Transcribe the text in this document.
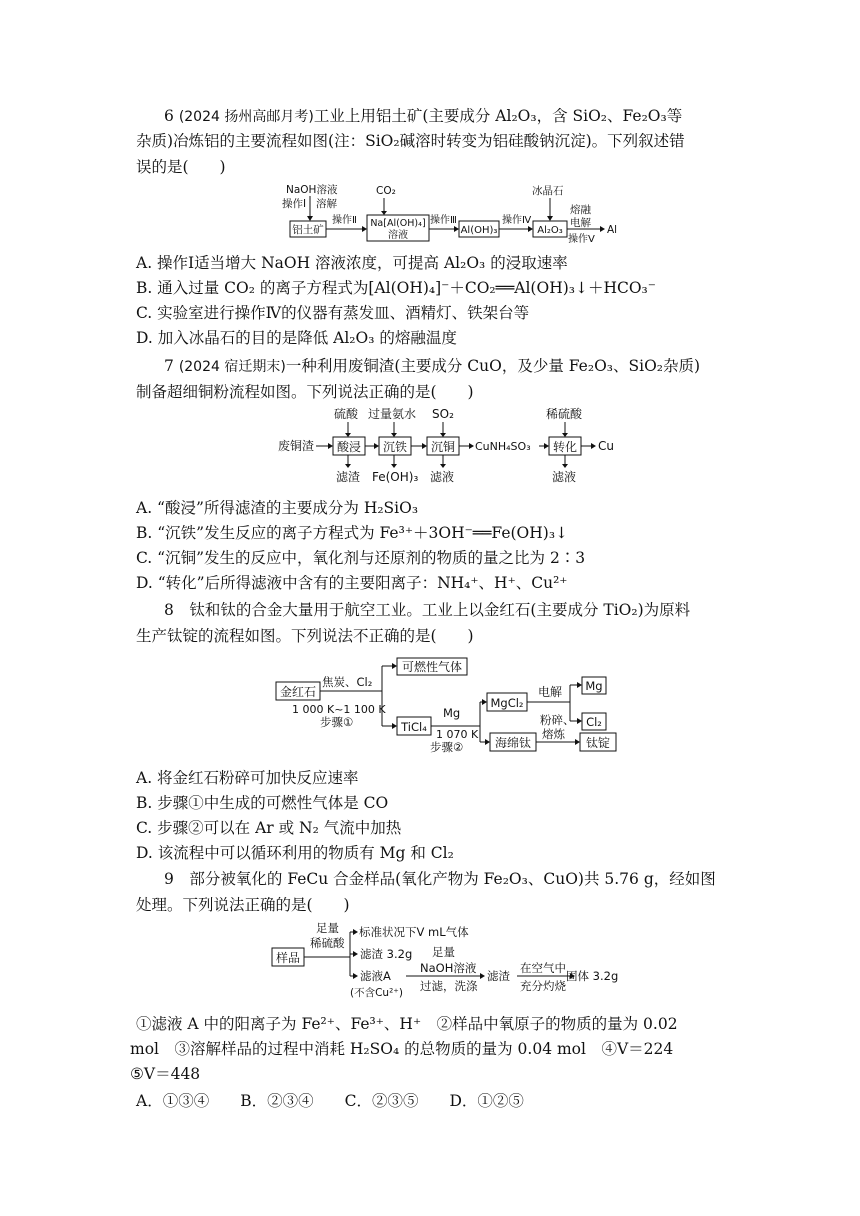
6 (2024 扬州高邮月考)工业上用铝土矿(主要成分 Al₂O₃，含 SiO₂、Fe₂O₃等
杂质)冶炼铝的主要流程如图(注：SiO₂碱溶时转变为铝硅酸钠沉淀)。下列叙述错
误的是(　　)
NaOH溶液
操作Ⅰ 溶解
铝土矿
操作Ⅱ
CO₂
Na[Al(OH)₄]
溶液
操作Ⅲ
Al(OH)₃
操作Ⅳ
冰晶石
Al₂O₃
熔融
电解
操作Ⅴ
Al
A. 操作Ⅰ适当增大 NaOH 溶液浓度，可提高 Al₂O₃ 的浸取速率
B. 通入过量 CO₂ 的离子方程式为[Al(OH)₄]⁻＋CO₂══Al(OH)₃↓＋HCO₃⁻
C. 实验室进行操作Ⅳ的仪器有蒸发皿、酒精灯、铁架台等
D. 加入冰晶石的目的是降低 Al₂O₃ 的熔融温度
7 (2024 宿迁期末)一种利用废铜渣(主要成分 CuO，及少量 Fe₂O₃、SiO₂杂质)
制备超细铜粉流程如图。下列说法正确的是(　　)
硫酸 过量氨水 SO₂	稀硫酸
废铜渣 酸浸 沉铁 沉铜 CuNH₄SO₃ 转化 Cu
滤渣 Fe(OH)₃ 滤液	滤液
A. “酸浸”所得滤渣的主要成分为 H₂SiO₃
B. “沉铁”发生反应的离子方程式为 Fe³⁺＋3OH⁻══Fe(OH)₃↓
C. “沉铜”发生的反应中，氧化剂与还原剂的物质的量之比为 2∶3
D. “转化”后所得滤液中含有的主要阳离子：NH₄⁺、H⁺、Cu²⁺
8　 钛和钛的合金大量用于航空工业。工业上以金红石(主要成分 TiO₂)为原料
生产钛锭的流程如图。下列说法不正确的是(　　)
金红石
焦炭、Cl₂
1 000 K~1 100 K
步骤①
可燃性气体
TiCl₄
Mg
1 070 K
步骤②
MgCl₂
海绵钛
电解 Mg
Cl₂
粉碎、
熔炼
钛锭
A. 将金红石粉碎可加快反应速率
B. 步骤①中生成的可燃性气体是 CO
C. 步骤②可以在 Ar 或 N₂ 气流中加热
D. 该流程中可以循环利用的物质有 Mg 和 Cl₂
9　 部分被氧化的 FeCu 合金样品(氧化产物为 Fe₂O₃、CuO)共 5.76 g，经如图
处理。下列说法正确的是(　　)
足量
稀硫酸
样品
标准状况下V mL气体
滤渣 3.2g
滤液A
(不含Cu²⁺)
足量
NaOH溶液
过滤，洗涤
滤渣
在空气中
充分灼烧
固体 3.2g
①滤液 A 中的阳离子为 Fe²⁺、Fe³⁺、H⁺　②样品中氧原子的物质的量为 0.02
mol　③溶解样品的过程中消耗 H₂SO₄ 的总物质的量为 0.04 mol　④V＝224
⑤V＝448
A．①③④　　B．②③④　　C．②③⑤　　D．①②⑤
